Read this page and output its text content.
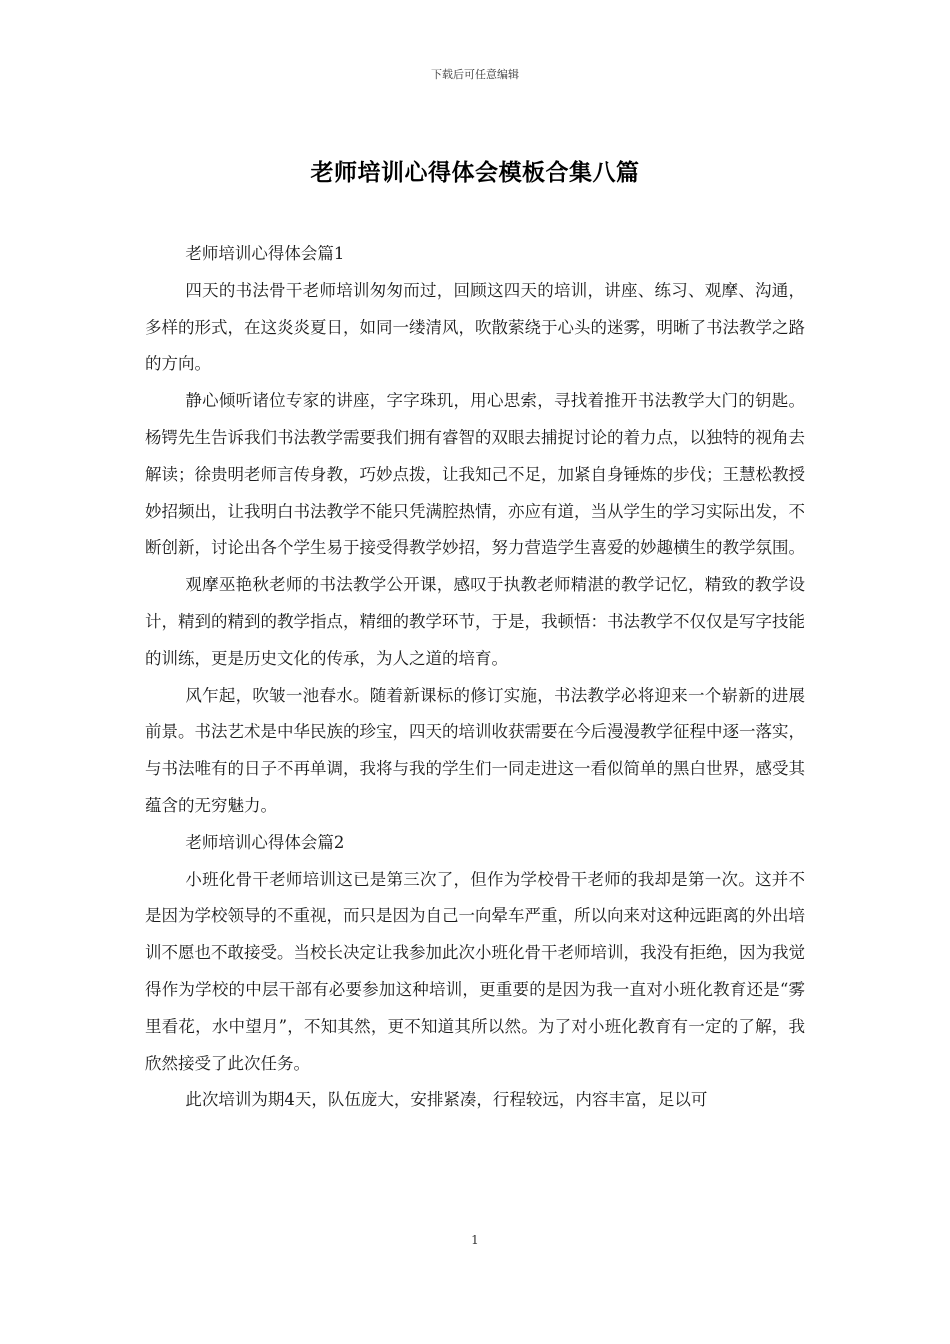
下载后可任意编辑
老师培训心得体会模板合集八篇

老师培训心得体会篇1

四天的书法骨干老师培训匆匆而过，回顾这四天的培训，讲座、练习、观摩、沟通，多样的形式，在这炎炎夏日，如同一缕清风，吹散萦绕于心头的迷雾，明晰了书法教学之路的方向。

静心倾听诸位专家的讲座，字字珠玑，用心思索，寻找着推开书法教学大门的钥匙。杨锷先生告诉我们书法教学需要我们拥有睿智的双眼去捕捉讨论的着力点，以独特的视角去解读；徐贵明老师言传身教，巧妙点拨，让我知己不足，加紧自身锤炼的步伐；王慧松教授妙招频出，让我明白书法教学不能只凭满腔热情，亦应有道，当从学生的学习实际出发，不断创新，讨论出各个学生易于接受得教学妙招，努力营造学生喜爱的妙趣横生的教学氛围。

观摩巫艳秋老师的书法教学公开课，感叹于执教老师精湛的教学记忆，精致的教学设计，精到的精到的教学指点，精细的教学环节，于是，我顿悟：书法教学不仅仅是写字技能的训练，更是历史文化的传承，为人之道的培育。

风乍起，吹皱一池春水。随着新课标的修订实施，书法教学必将迎来一个崭新的进展前景。书法艺术是中华民族的珍宝，四天的培训收获需要在今后漫漫教学征程中逐一落实，与书法唯有的日子不再单调，我将与我的学生们一同走进这一看似简单的黑白世界，感受其蕴含的无穷魅力。

老师培训心得体会篇2

小班化骨干老师培训这已是第三次了，但作为学校骨干老师的我却是第一次。这并不是因为学校领导的不重视，而只是因为自己一向晕车严重，所以向来对这种远距离的外出培训不愿也不敢接受。当校长决定让我参加此次小班化骨干老师培训，我没有拒绝，因为我觉得作为学校的中层干部有必要参加这种培训，更重要的是因为我一直对小班化教育还是“雾里看花，水中望月”，不知其然，更不知道其所以然。为了对小班化教育有一定的了解，我欣然接受了此次任务。

此次培训为期4天，队伍庞大，安排紧凑，行程较远，内容丰富，足以可

1
